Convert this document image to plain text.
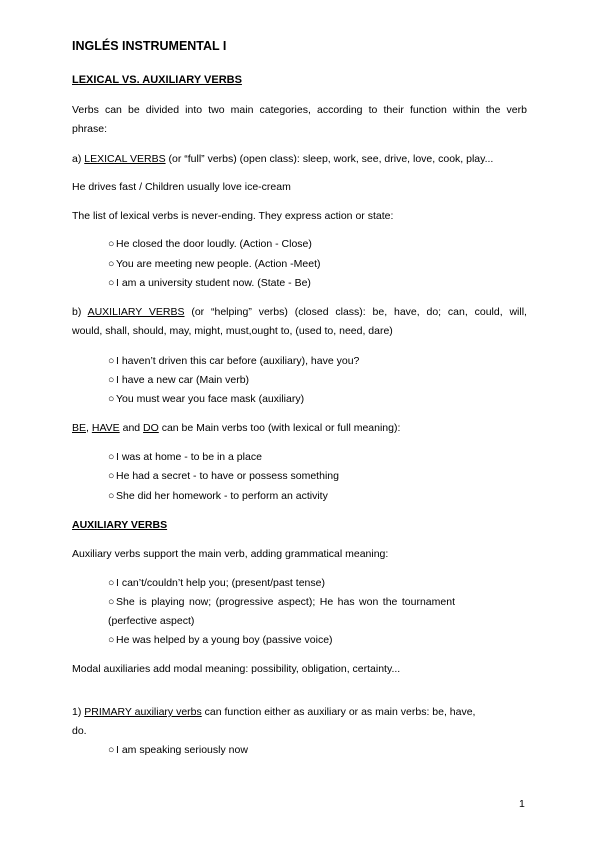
INGLÉS INSTRUMENTAL I
LEXICAL VS. AUXILIARY VERBS
Verbs can be divided into two main categories, according to their function within the verb
phrase:
a) LEXICAL VERBS (or “full” verbs) (open class): sleep, work, see, drive, love, cook, play...
He drives fast / Children usually love ice-cream
The list of lexical verbs is never-ending. They express action or state:
○ He closed the door loudly. (Action - Close)
○ You are meeting new people. (Action -Meet)
○ I am a university student now. (State - Be)
b) AUXILIARY VERBS (or “helping” verbs) (closed class): be, have, do; can, could, will,
would, shall, should, may, might, must,ought to, (used to, need, dare)
○ I haven’t driven this car before (auxiliary), have you?
○ I have a new car (Main verb)
○ You must wear you face mask (auxiliary)
BE, HAVE and DO can be Main verbs too (with lexical or full meaning):
○ I was at home - to be in a place
○ He had a secret - to have or possess something
○ She did her homework - to perform an activity
AUXILIARY VERBS
Auxiliary verbs support the main verb, adding grammatical meaning:
○ I can’t/couldn’t help you; (present/past tense)
○ She is playing now; (progressive aspect); He has won the tournament
(perfective aspect)
○ He was helped by a young boy (passive voice)
Modal auxiliaries add modal meaning: possibility, obligation, certainty...
1) PRIMARY auxiliary verbs can function either as auxiliary or as main verbs: be, have,
do.
○ I am speaking seriously now
1
